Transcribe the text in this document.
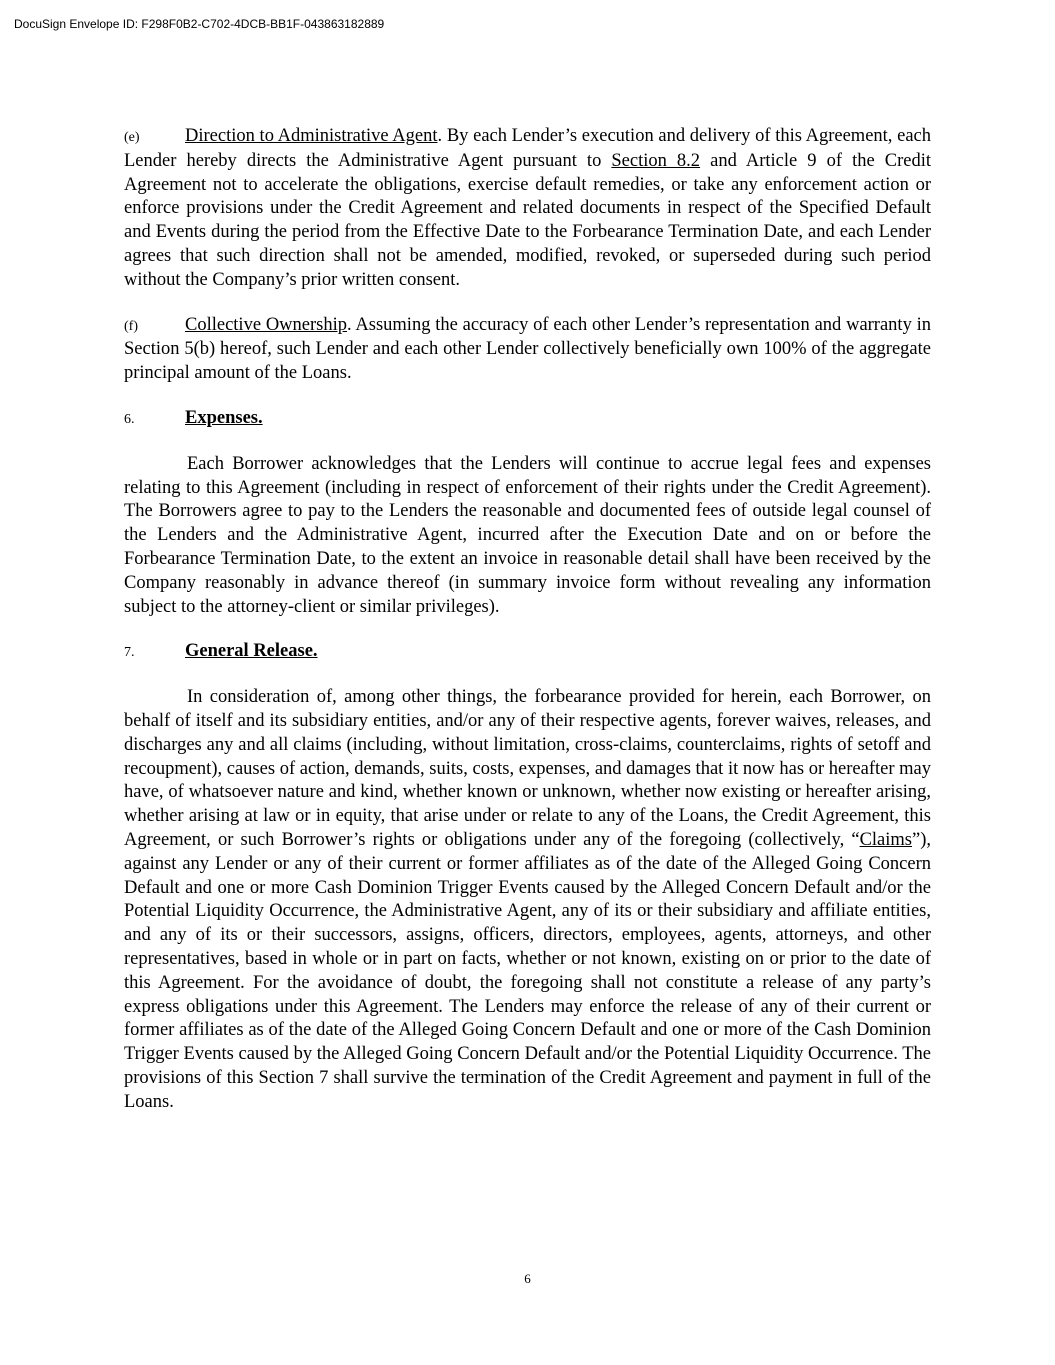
DocuSign Envelope ID: F298F0B2-C702-4DCB-BB1F-043863182889

(e) Direction to Administrative Agent. By each Lender’s execution and delivery of this Agreement, each Lender hereby directs the Administrative Agent pursuant to Section 8.2 and Article 9 of the Credit Agreement not to accelerate the obligations, exercise default remedies, or take any enforcement action or enforce provisions under the Credit Agreement and related documents in respect of the Specified Default and Events during the period from the Effective Date to the Forbearance Termination Date, and each Lender agrees that such direction shall not be amended, modified, revoked, or superseded during such period without the Company’s prior written consent.

(f)	Collective Ownership. Assuming the accuracy of each other Lender’s representation and warranty in Section 5(b) hereof, such Lender and each other Lender collectively beneficially own 100% of the aggregate principal amount of the Loans.

6.	Expenses.

Each Borrower acknowledges that the Lenders will continue to accrue legal fees and expenses relating to this Agreement (including in respect of enforcement of their rights under the Credit Agreement). The Borrowers agree to pay to the Lenders the reasonable and documented fees of outside legal counsel of the Lenders and the Administrative Agent, incurred after the Execution Date and on or before the Forbearance Termination Date, to the extent an invoice in reasonable detail shall have been received by the Company reasonably in advance thereof (in summary invoice form without revealing any information subject to the attorney-client or similar privileges).

7.	General Release.

In consideration of, among other things, the forbearance provided for herein, each Borrower, on behalf of itself and its subsidiary entities, and/or any of their respective agents, forever waives, releases, and discharges any and all claims (including, without limitation, cross-claims, counterclaims, rights of setoff and recoupment), causes of action, demands, suits, costs, expenses, and damages that it now has or hereafter may have, of whatsoever nature and kind, whether known or unknown, whether now existing or hereafter arising, whether arising at law or in equity, that arise under or relate to any of the Loans, the Credit Agreement, this Agreement, or such Borrower’s rights or obligations under any of the foregoing (collectively, “Claims”), against any Lender or any of their current or former affiliates as of the date of the Alleged Going Concern Default and one or more Cash Dominion Trigger Events caused by the Alleged Concern Default and/or the Potential Liquidity Occurrence, the Administrative Agent, any of its or their subsidiary and affiliate entities, and any of its or their successors, assigns, officers, directors, employees, agents, attorneys, and other representatives, based in whole or in part on facts, whether or not known, existing on or prior to the date of this Agreement. For the avoidance of doubt, the foregoing shall not constitute a release of any party’s express obligations under this Agreement. The Lenders may enforce the release of any of their current or former affiliates as of the date of the Alleged Going Concern Default and one or more of the Cash Dominion Trigger Events caused by the Alleged Going Concern Default and/or the Potential Liquidity Occurrence. The provisions of this Section 7 shall survive the termination of the Credit Agreement and payment in full of the Loans.

6
